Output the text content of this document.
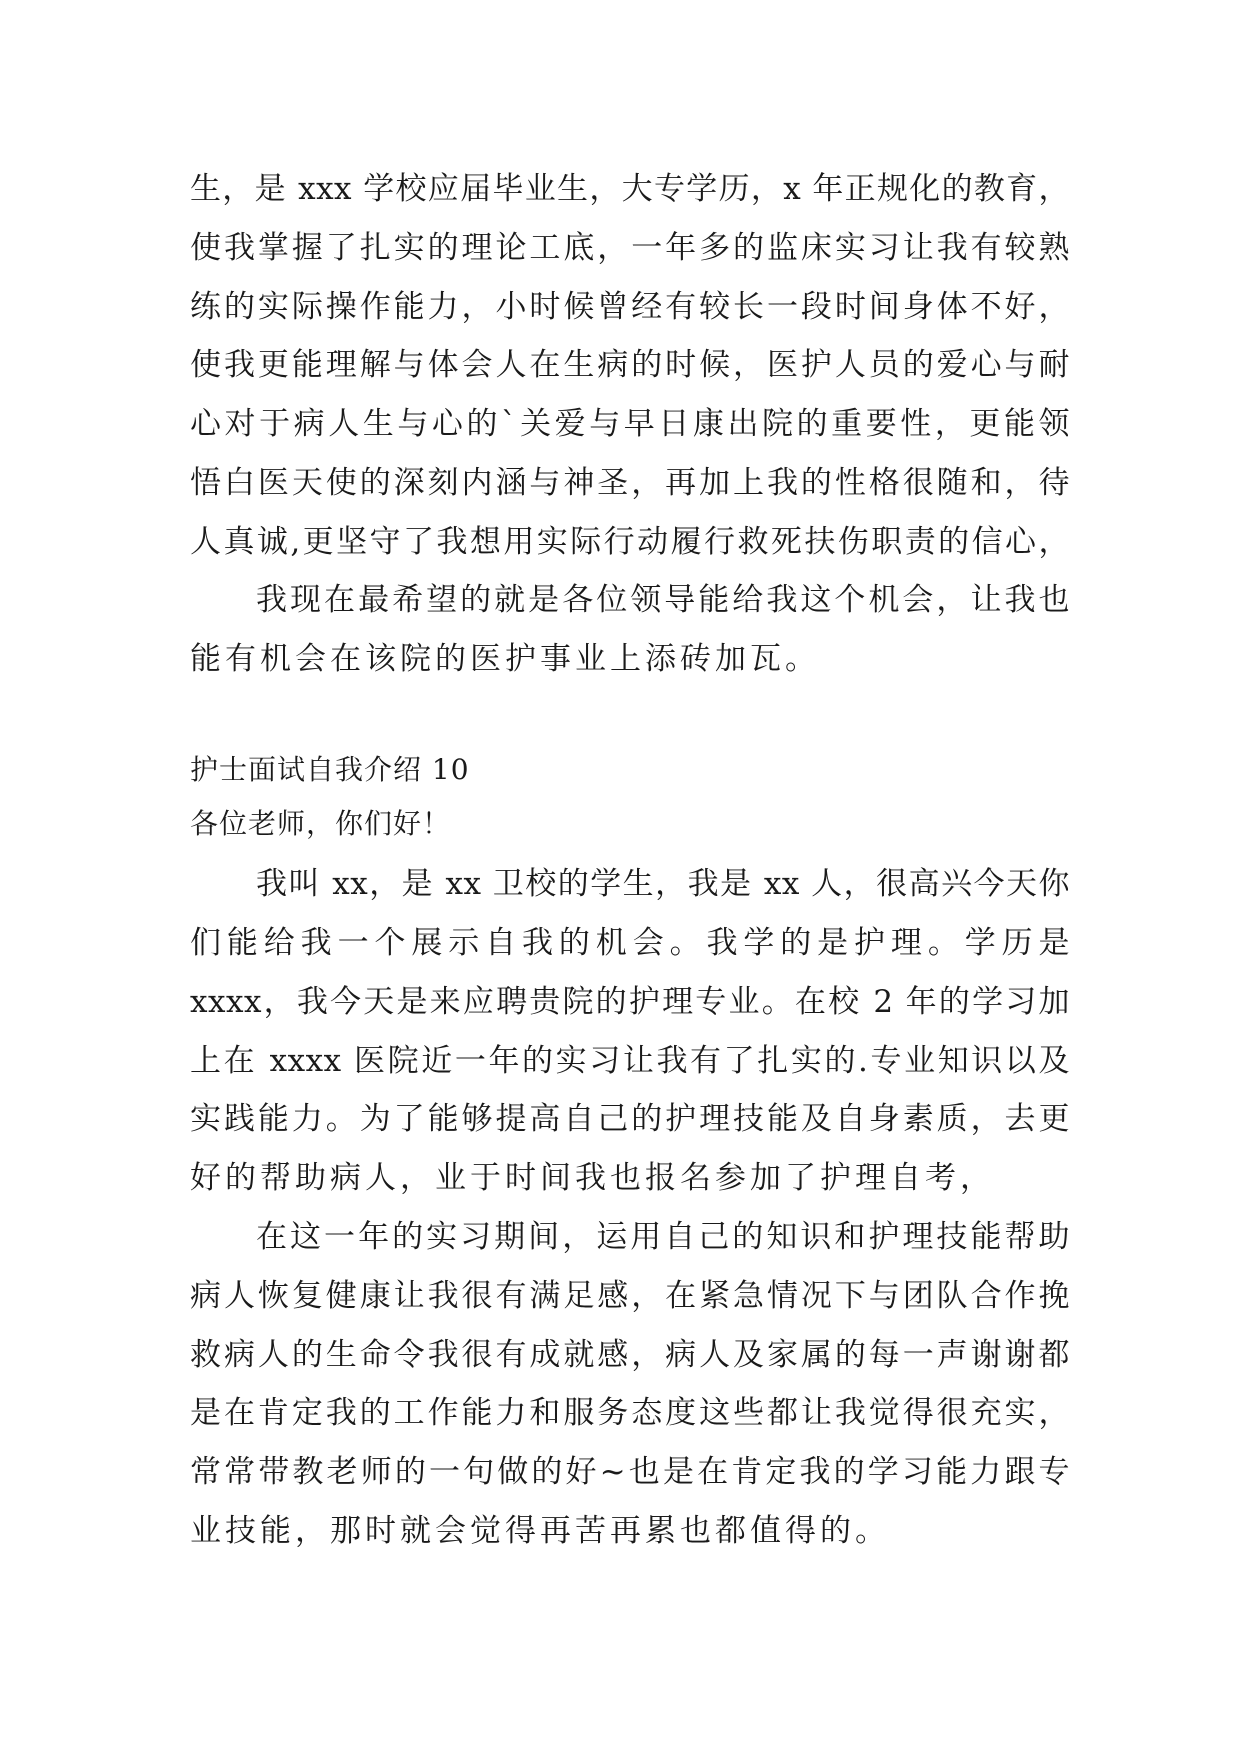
生，是 xxx 学校应届毕业生，大专学历，x 年正规化的教育，
使我掌握了扎实的理论工底，一年多的监床实习让我有较熟
练的实际操作能力，小时候曾经有较长一段时间身体不好，
使我更能理解与体会人在生病的时候，医护人员的爱心与耐
心对于病人生与心的`关爱与早日康出院的重要性，更能领
悟白医天使的深刻内涵与神圣，再加上我的性格很随和，待
人真诚,更坚守了我想用实际行动履行救死扶伤职责的信心，
我现在最希望的就是各位领导能给我这个机会，让我也
能有机会在该院的医护事业上添砖加瓦。
护士面试自我介绍 10
各位老师，你们好！
我叫 xx，是 xx 卫校的学生，我是 xx 人，很高兴今天你
们能给我一个展示自我的机会。我学的是护理。学历是
xxxx，我今天是来应聘贵院的护理专业。在校 2 年的学习加
上在 xxxx 医院近一年的实习让我有了扎实的.专业知识以及
实践能力。为了能够提高自己的护理技能及自身素质，去更
好的帮助病人，业于时间我也报名参加了护理自考，
在这一年的实习期间，运用自己的知识和护理技能帮助
病人恢复健康让我很有满足感，在紧急情况下与团队合作挽
救病人的生命令我很有成就感，病人及家属的每一声谢谢都
是在肯定我的工作能力和服务态度这些都让我觉得很充实，
常常带教老师的一句做的好~也是在肯定我的学习能力跟专
业技能，那时就会觉得再苦再累也都值得的。
